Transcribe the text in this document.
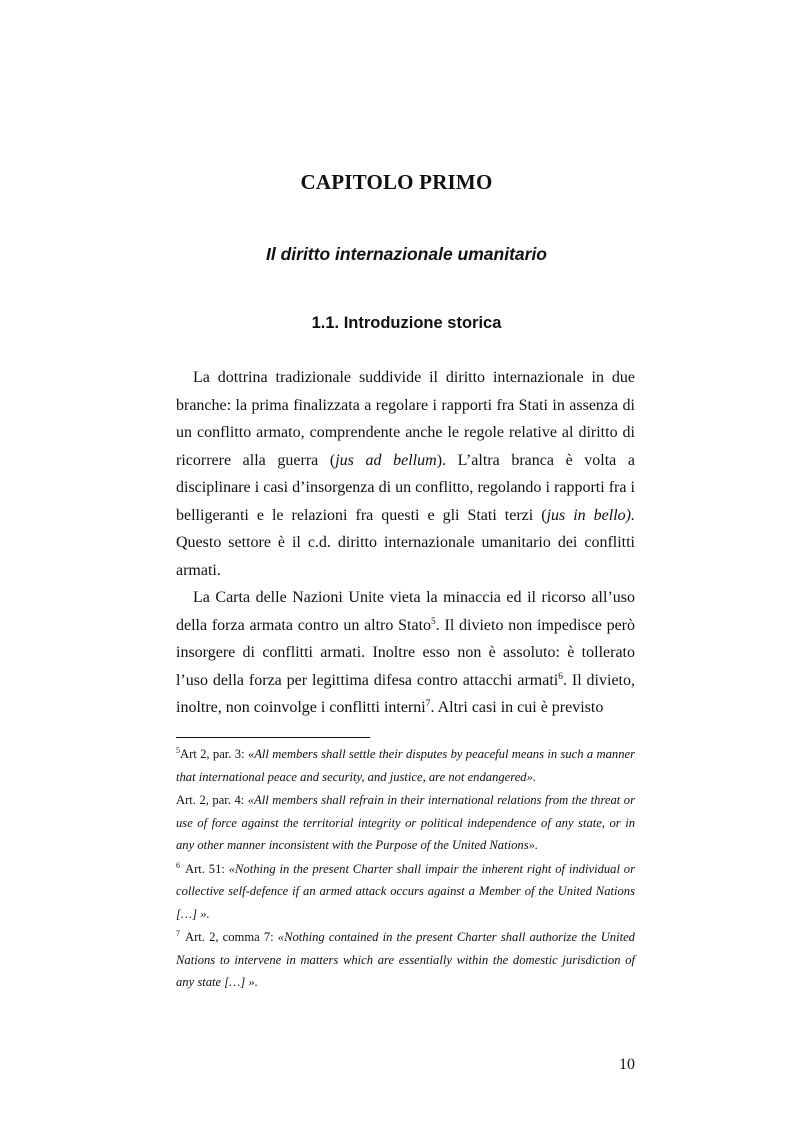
CAPITOLO PRIMO
Il diritto internazionale umanitario
1.1. Introduzione storica

La dottrina tradizionale suddivide il diritto internazionale in due branche: la prima finalizzata a regolare i rapporti fra Stati in assenza di un conflitto armato, comprendente anche le regole relative al diritto di ricorrere alla guerra (jus ad bellum). L’altra branca è volta a disciplinare i casi d’insorgenza di un conflitto, regolando i rapporti fra i belligeranti e le relazioni fra questi e gli Stati terzi (jus in bello). Questo settore è il c.d. diritto internazionale umanitario dei conflitti armati.

La Carta delle Nazioni Unite vieta la minaccia ed il ricorso all’uso della forza armata contro un altro Stato$^5$. Il divieto non impedisce però insorgere di conflitti armati. Inoltre esso non è assoluto: è tollerato l’uso della forza per legittima difesa contro attacchi armati$^6$. Il divieto, inoltre, non coinvolge i conflitti interni$^7$. Altri casi in cui è previsto

$^5$Art 2, par. 3: «All members shall settle their disputes by peaceful means in such a manner that international peace and security, and justice, are not endangered».

Art. 2, par. 4: «All members shall refrain in their international relations from the threat or use of force against the territorial integrity or political independence of any state, or in any other manner inconsistent with the Purpose of the United Nations».

$^6$ Art. 51: «Nothing in the present Charter shall impair the inherent right of individual or collective self-defence if an armed attack occurs against a Member of the United Nations […] ».

$^7$ Art. 2, comma 7: «Nothing contained in the present Charter shall authorize the United Nations to intervene in matters which are essentially within the domestic jurisdiction of any state […] ».

10
